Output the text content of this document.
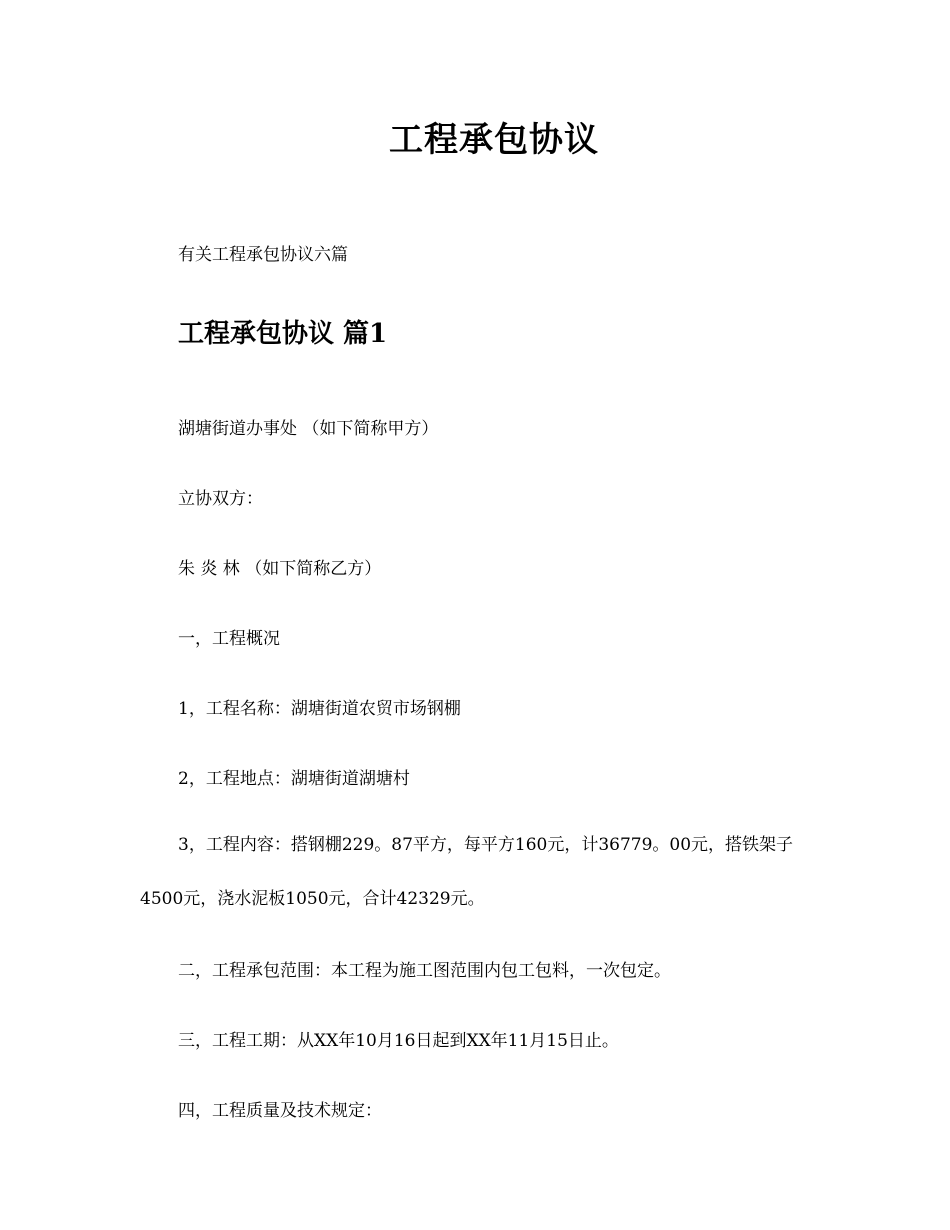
工程承包协议

有关工程承包协议六篇

工程承包协议 篇1

湖塘街道办事处 （如下简称甲方）

立协双方：

朱 炎 林 （如下简称乙方）

一，工程概况

1，工程名称：湖塘街道农贸市场钢棚

2，工程地点：湖塘街道湖塘村

3，工程内容：搭钢棚229。87平方，每平方160元，计36779。00元，搭铁架子4500元，浇水泥板1050元，合计42329元。

二，工程承包范围：本工程为施工图范围内包工包料，一次包定。

三，工程工期：从XX年10月16日起到XX年11月15日止。

四，工程质量及技术规定：
